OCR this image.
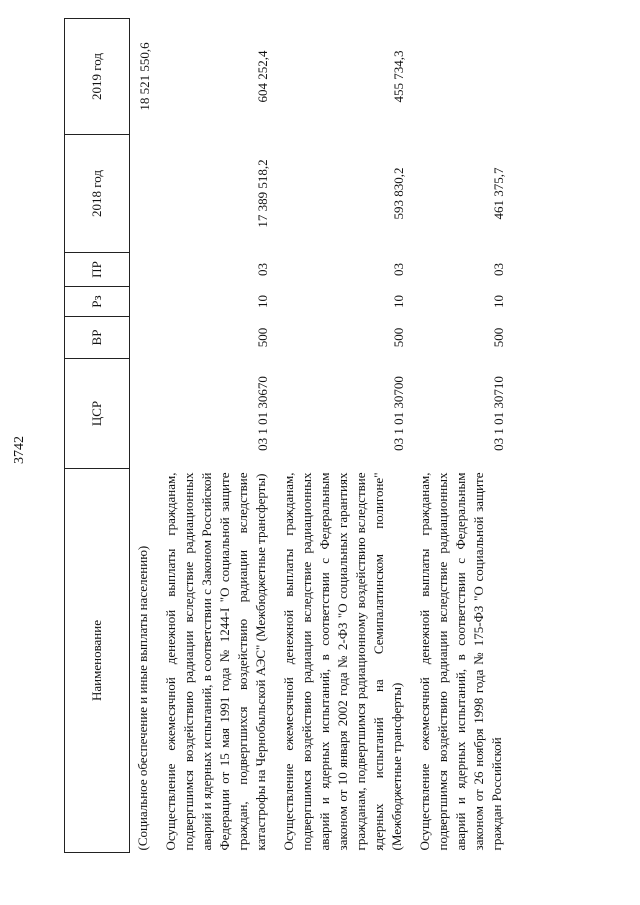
3742
Наименование	ЦСР	ВР	Рз	ПР	2018 год	2019 год
(Социальное обеспечение и иные выплаты населению)						18 521 550,6
Осуществление ежемесячной денежной выплаты гражданам, подвергшимся воздействию радиации вследствие радиационных аварий и ядерных испытаний, в соответствии с Законом Российской Федерации от 15 мая 1991 года № 1244-I "О социальной защите граждан, подвергшихся воздействию радиации вследствие катастрофы на Чернобыльской АЭС" (Межбюджетные трансферты)	03 1 01 30670	500	10	03	17 389 518,2	604 252,4
Осуществление ежемесячной денежной выплаты гражданам, подвергшимся воздействию радиации вследствие радиационных аварий и ядерных испытаний, в соответствии с Федеральным законом от 10 января 2002 года № 2-ФЗ "О социальных гарантиях гражданам, подвергшимся радиационному воздействию вследствие ядерных испытаний на Семипалатинском полигоне" (Межбюджетные трансферты)	03 1 01 30700	500	10	03	593 830,2	455 734,3
Осуществление ежемесячной денежной выплаты гражданам, подвергшимся воздействию радиации вследствие радиационных аварий и ядерных испытаний, в соответствии с Федеральным законом от 26 ноября 1998 года № 175-ФЗ "О социальной защите граждан Российской	03 1 01 30710	500	10	03	461 375,7	
